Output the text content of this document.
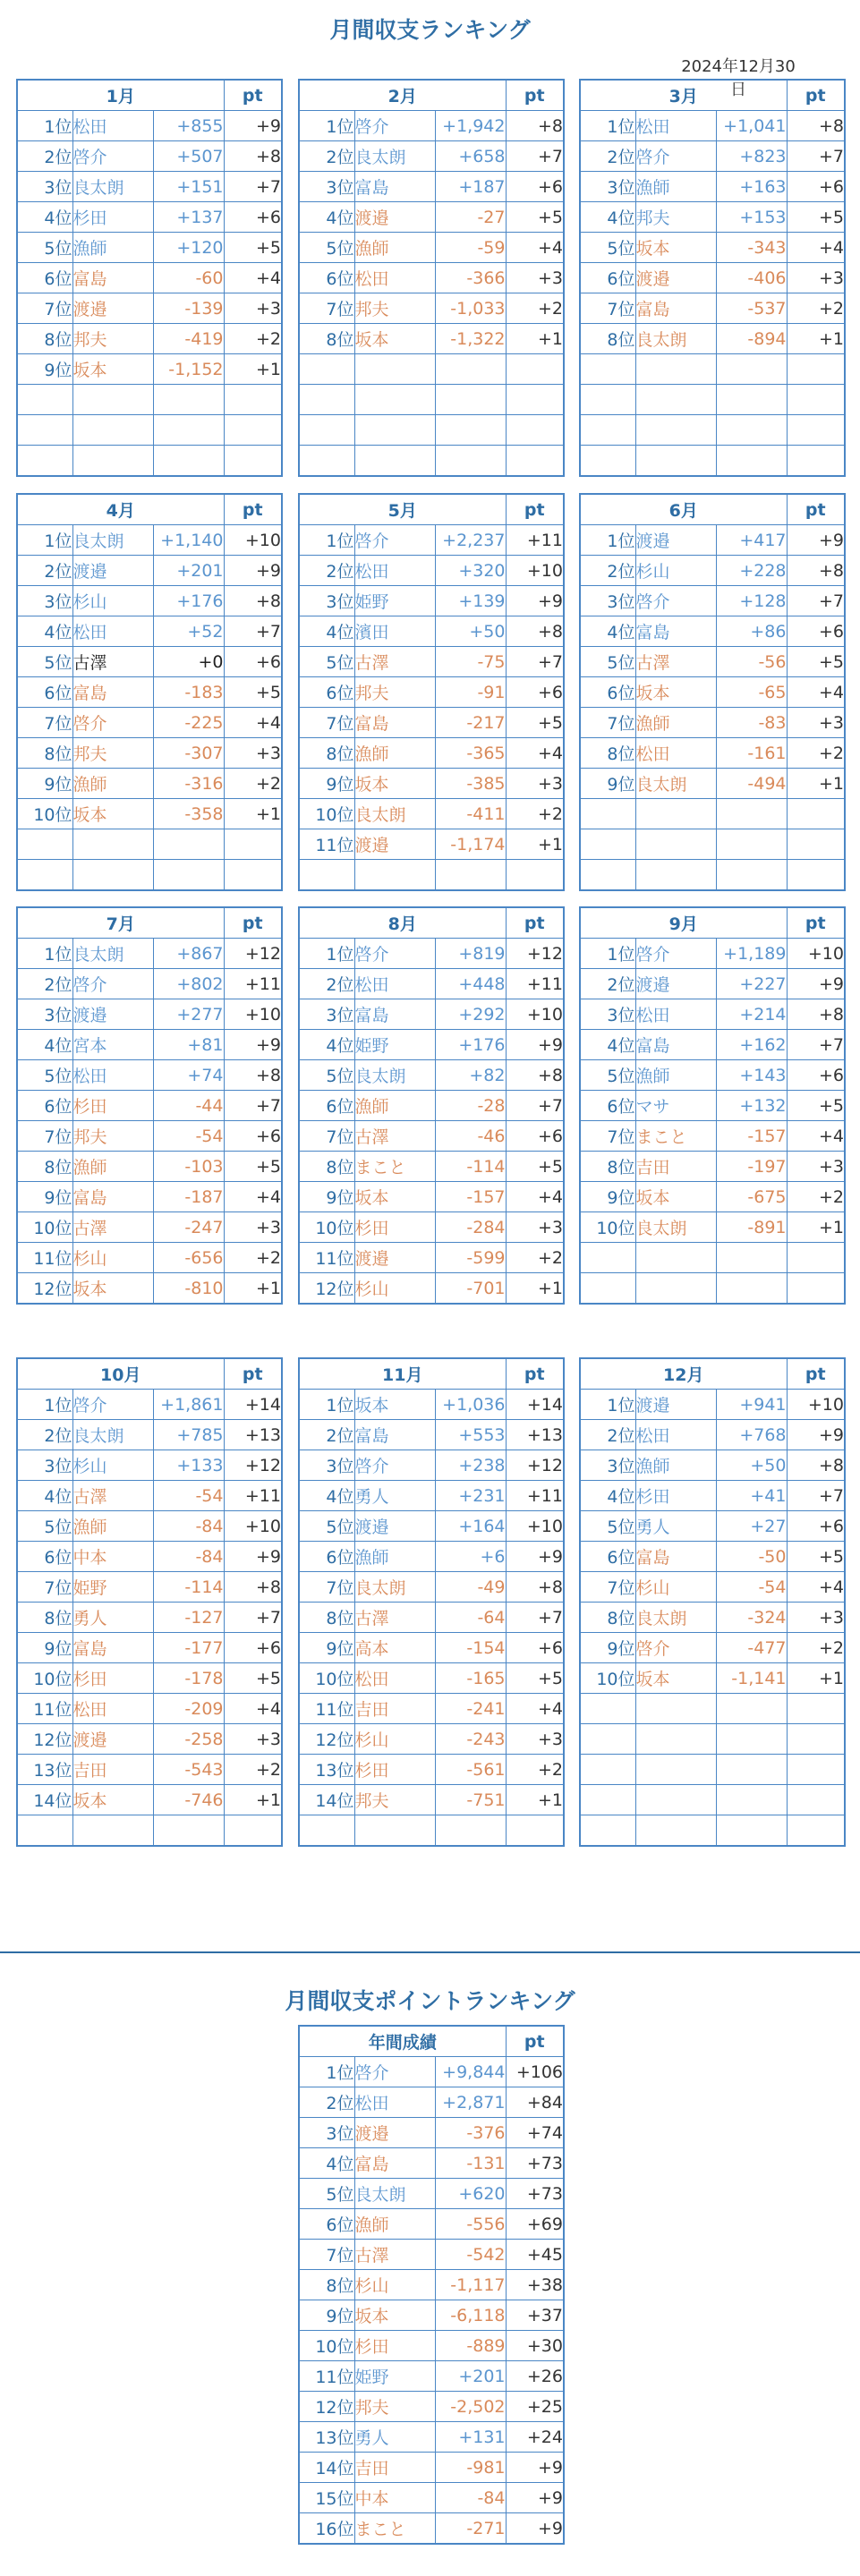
月間収支ランキング
2024年12月30日
1月			pt
1位	松田	+855	+9
2位	啓介	+507	+8
3位	良太朗	+151	+7
4位	杉田	+137	+6
5位	漁師	+120	+5
6位	富島	-60	+4
7位	渡邉	-139	+3
8位	邦夫	-419	+2
9位	坂本	-1,152	+1

2月			pt
1位	啓介	+1,942	+8
2位	良太朗	+658	+7
3位	富島	+187	+6
4位	渡邉	-27	+5
5位	漁師	-59	+4
6位	松田	-366	+3
7位	邦夫	-1,033	+2
8位	坂本	-1,322	+1

3月			pt
1位	松田	+1,041	+8
2位	啓介	+823	+7
3位	漁師	+163	+6
4位	邦夫	+153	+5
5位	坂本	-343	+4
6位	渡邉	-406	+3
7位	富島	-537	+2
8位	良太朗	-894	+1

4月			pt
1位	良太朗	+1,140	+10
2位	渡邉	+201	+9
3位	杉山	+176	+8
4位	松田	+52	+7
5位	古澤	+0	+6
6位	富島	-183	+5
7位	啓介	-225	+4
8位	邦夫	-307	+3
9位	漁師	-316	+2
10位	坂本	-358	+1

5月			pt
1位	啓介	+2,237	+11
2位	松田	+320	+10
3位	姫野	+139	+9
4位	濱田	+50	+8
5位	古澤	-75	+7
6位	邦夫	-91	+6
7位	富島	-217	+5
8位	漁師	-365	+4
9位	坂本	-385	+3
10位	良太朗	-411	+2
11位	渡邉	-1,174	+1

6月			pt
1位	渡邉	+417	+9
2位	杉山	+228	+8
3位	啓介	+128	+7
4位	富島	+86	+6
5位	古澤	-56	+5
6位	坂本	-65	+4
7位	漁師	-83	+3
8位	松田	-161	+2
9位	良太朗	-494	+1

7月			pt
1位	良太朗	+867	+12
2位	啓介	+802	+11
3位	渡邉	+277	+10
4位	宮本	+81	+9
5位	松田	+74	+8
6位	杉田	-44	+7
7位	邦夫	-54	+6
8位	漁師	-103	+5
9位	富島	-187	+4
10位	古澤	-247	+3
11位	杉山	-656	+2
12位	坂本	-810	+1
8月			pt
1位	啓介	+819	+12
2位	松田	+448	+11
3位	富島	+292	+10
4位	姫野	+176	+9
5位	良太朗	+82	+8
6位	漁師	-28	+7
7位	古澤	-46	+6
8位	まこと	-114	+5
9位	坂本	-157	+4
10位	杉田	-284	+3
11位	渡邉	-599	+2
12位	杉山	-701	+1
9月			pt
1位	啓介	+1,189	+10
2位	渡邉	+227	+9
3位	松田	+214	+8
4位	富島	+162	+7
5位	漁師	+143	+6
6位	マサ	+132	+5
7位	まこと	-157	+4
8位	吉田	-197	+3
9位	坂本	-675	+2
10位	良太朗	-891	+1

10月			pt
1位	啓介	+1,861	+14
2位	良太朗	+785	+13
3位	杉山	+133	+12
4位	古澤	-54	+11
5位	漁師	-84	+10
6位	中本	-84	+9
7位	姫野	-114	+8
8位	勇人	-127	+7
9位	富島	-177	+6
10位	杉田	-178	+5
11位	松田	-209	+4
12位	渡邉	-258	+3
13位	吉田	-543	+2
14位	坂本	-746	+1

11月			pt
1位	坂本	+1,036	+14
2位	富島	+553	+13
3位	啓介	+238	+12
4位	勇人	+231	+11
5位	渡邉	+164	+10
6位	漁師	+6	+9
7位	良太朗	-49	+8
8位	古澤	-64	+7
9位	高本	-154	+6
10位	松田	-165	+5
11位	吉田	-241	+4
12位	杉山	-243	+3
13位	杉田	-561	+2
14位	邦夫	-751	+1

12月			pt
1位	渡邉	+941	+10
2位	松田	+768	+9
3位	漁師	+50	+8
4位	杉田	+41	+7
5位	勇人	+27	+6
6位	富島	-50	+5
7位	杉山	-54	+4
8位	良太朗	-324	+3
9位	啓介	-477	+2
10位	坂本	-1,141	+1

年間成績			pt
1位	啓介	+9,844	+106
2位	松田	+2,871	+84
3位	渡邉	-376	+74
4位	富島	-131	+73
5位	良太朗	+620	+73
6位	漁師	-556	+69
7位	古澤	-542	+45
8位	杉山	-1,117	+38
9位	坂本	-6,118	+37
10位	杉田	-889	+30
11位	姫野	+201	+26
12位	邦夫	-2,502	+25
13位	勇人	+131	+24
14位	吉田	-981	+9
15位	中本	-84	+9
16位	まこと	-271	+9
月間収支ポイントランキング
